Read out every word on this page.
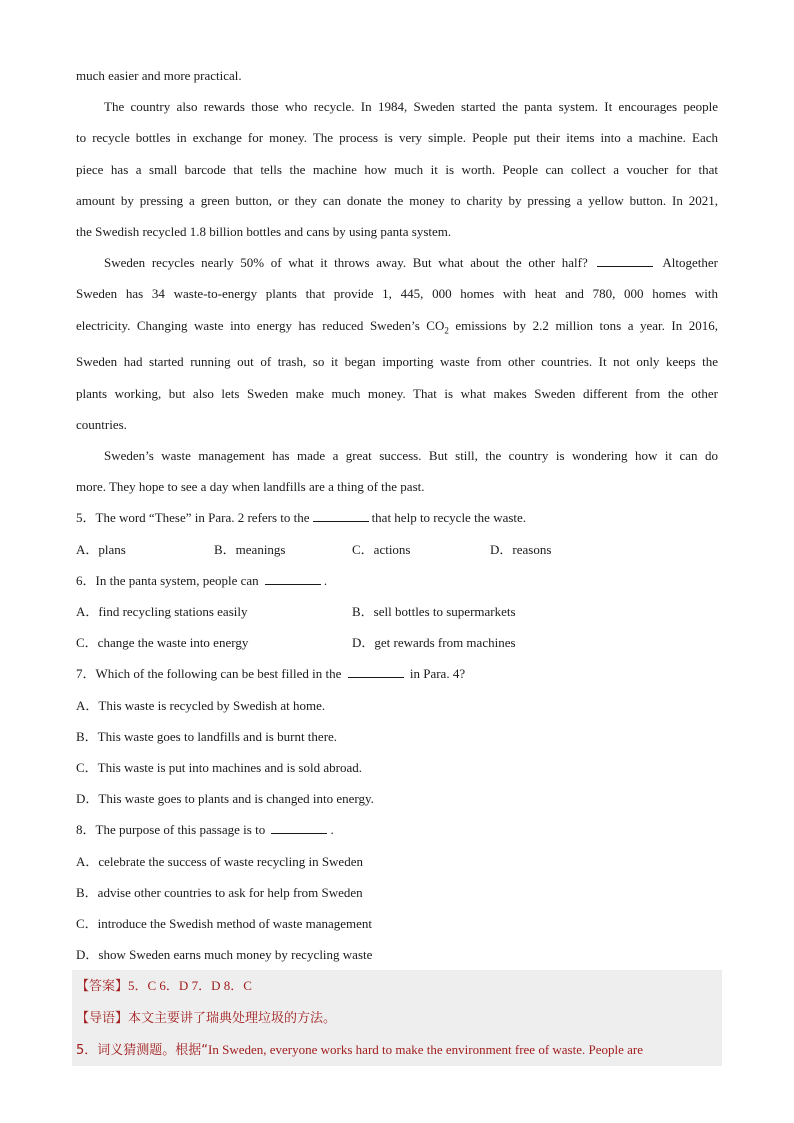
much easier and more practical.
The country also rewards those who recycle. In 1984, Sweden started the panta system. It encourages people
to recycle bottles in exchange for money. The process is very simple. People put their items into a machine. Each
piece has a small barcode that tells the machine how much it is worth. People can collect a voucher for that
amount by pressing a green button, or they can donate the money to charity by pressing a yellow button. In 2021,
the Swedish recycled 1.8 billion bottles and cans by using panta system.
Sweden recycles nearly 50% of what it throws away. But what about the other half?	Altogether
Sweden has 34 waste-to-energy plants that provide 1, 445, 000 homes with heat and 780, 000 homes with
electricity. Changing waste into energy has reduced Sweden’s $CO_2$ emissions by 2.2 million tons a year. In 2016,
Sweden had started running out of trash, so it began importing waste from other countries. It not only keeps the
plants working, but also lets Sweden make much money. That is what makes Sweden different from the other
countries.
Sweden’s waste management has made a great success. But still, the country is wondering how it can do
more. They hope to see a day when landfills are a thing of the past.
5．The word “These” in Para. 2 refers to the	that help to recycle the waste.
A．plans	B．meanings	C．actions	D．reasons
6．In the panta system, people can	.
A．find recycling stations easily	B．sell bottles to supermarkets
C．change the waste into energy	D．get rewards from machines
7．Which of the following can be best filled in the	in Para. 4?
A．This waste is recycled by Swedish at home.
B．This waste goes to landfills and is burnt there.
C．This waste is put into machines and is sold abroad.
D．This waste goes to plants and is changed into energy.
8．The purpose of this passage is to	.
A．celebrate the success of waste recycling in Sweden
B．advise other countries to ask for help from Sweden
C．introduce the Swedish method of waste management
D．show Sweden earns much money by recycling waste
【答案】5．C 6．D 7．D 8．C
【导语】本文主要讲了瑞典处理垃圾的方法。
5．词义猜测题。根据“In Sweden, everyone works hard to make the environment free of waste. People are
